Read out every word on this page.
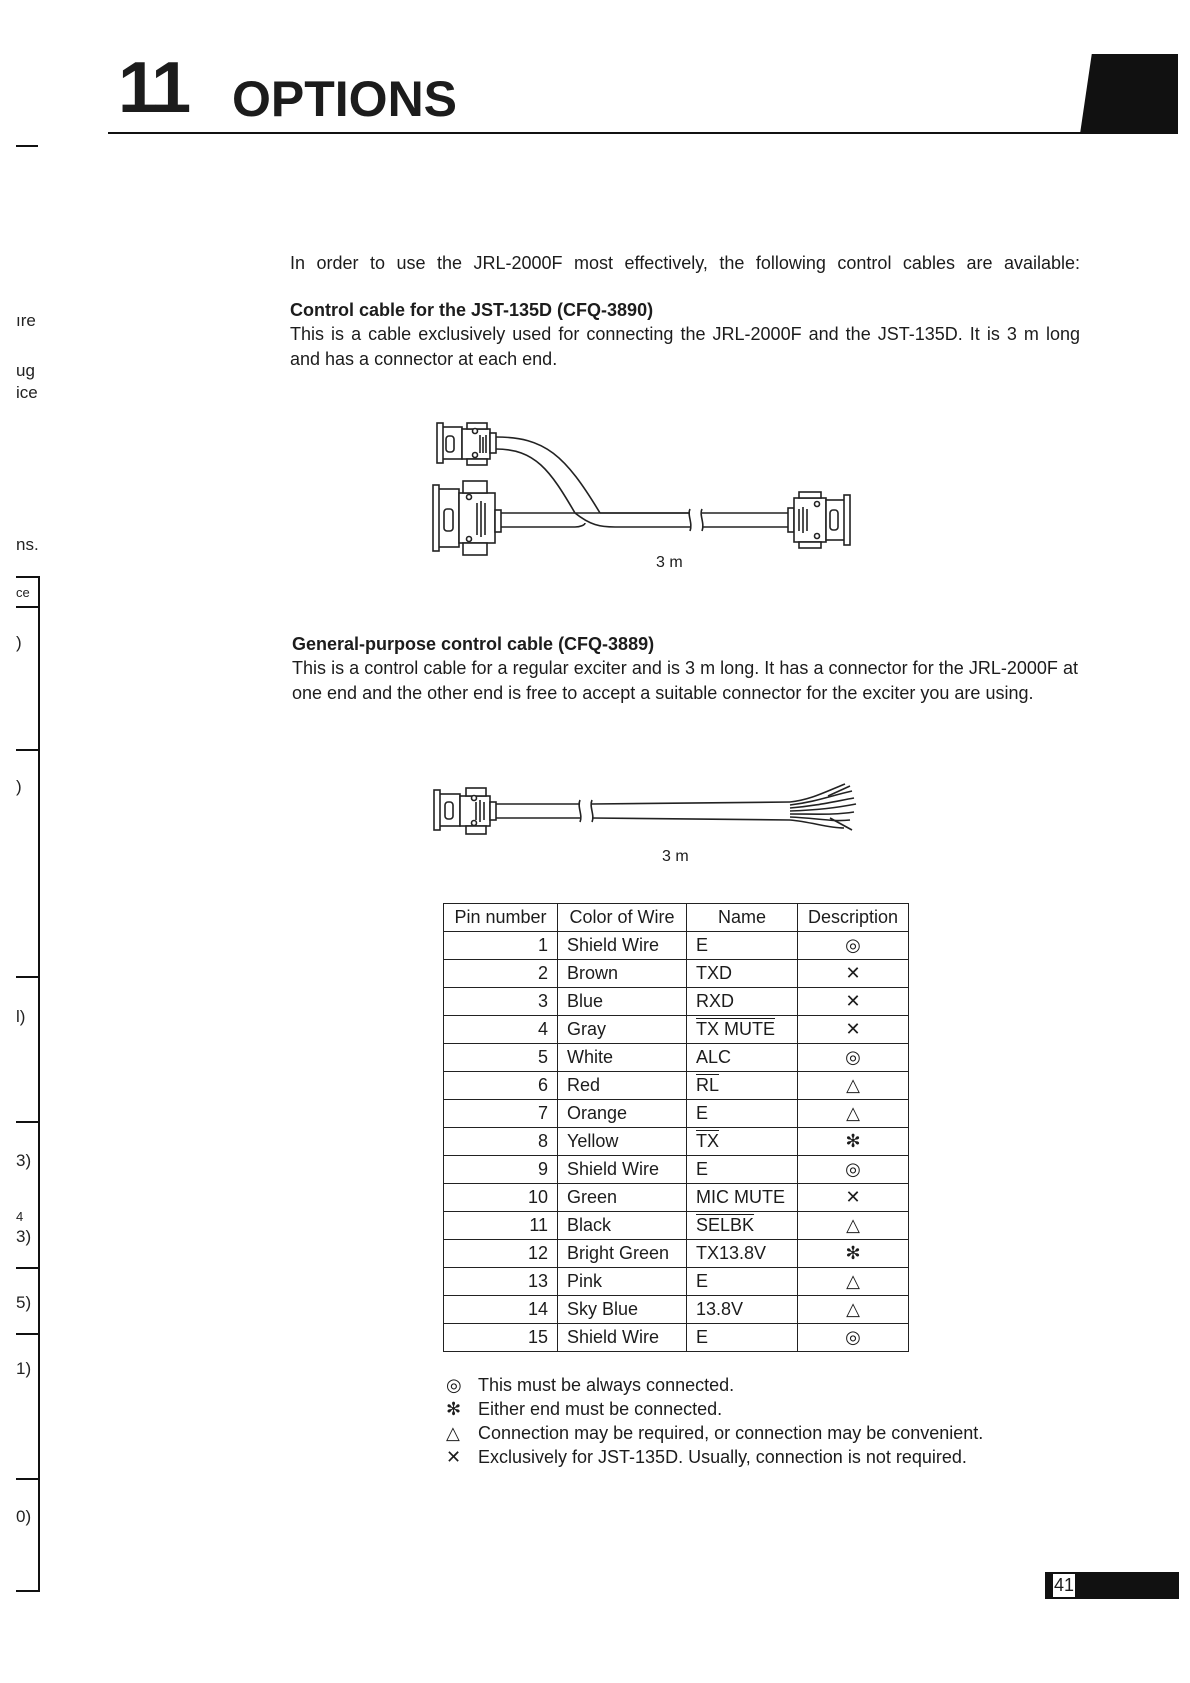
11 OPTIONS
ıre
ug
ice
ns.
ce
)
)
l)
3)
4
3)
5)
1)
0)
In order to use the JRL-2000F most effectively, the following control cables are available:
Control cable for the JST-135D (CFQ-3890)
This is a cable exclusively used for connecting the JRL-2000F and the JST-135D. It is 3 m long and has a connector at each end.
3 m
General-purpose control cable (CFQ-3889)
This is a control cable for a regular exciter and is 3 m long. It has a connector for the JRL-2000F at one end and the other end is free to accept a suitable connector for the exciter you are using.
3 m
Pin number	Color of Wire	Name	Description
1	Shield Wire	E	◎
2	Brown	TXD	✕
3	Blue	RXD	✕
4	Gray	TX MUTE	✕
5	White	ALC	◎
6	Red	$\overline{RL}$	△
7	Orange	E	△
8	Yellow	$\overline{TX}$	✻
9	Shield Wire	E	◎
10	Green	MIC MUTE	✕
11	Black	SELBK	△
12	Bright Green	TX13.8V	✻
13	Pink	E	△
14	Sky Blue	13.8V	△
15	Shield Wire	E	◎
◎ This must be always connected.
✻ Either end must be connected.
△	Connection may be required, or connection may be convenient.
✕ Exclusively for JST-135D. Usually, connection is not required.
41
